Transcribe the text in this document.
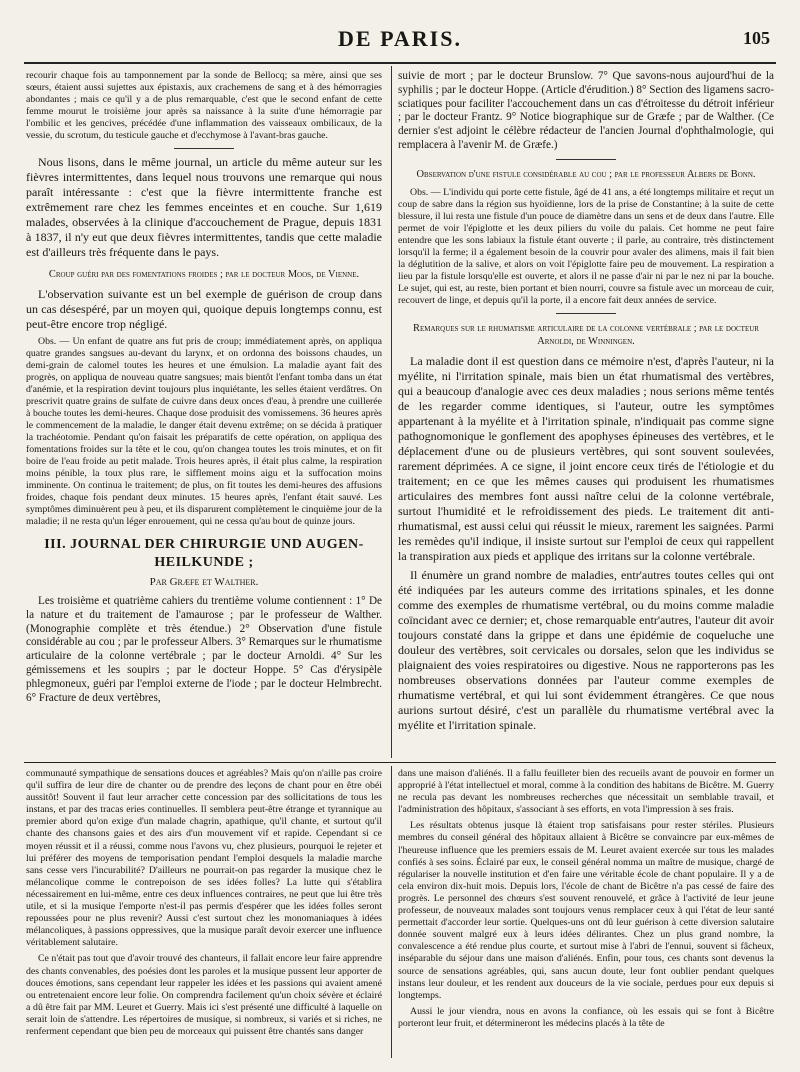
DE PARIS.	105

recourir chaque fois au tamponnement par la sonde de Bellocq; sa mère, ainsi que ses sœurs, étaient aussi sujettes aux épistaxis, aux crachemens de sang et à des hémorragies abondantes ; mais ce qu'il y a de plus remarquable, c'est que le second enfant de cette femme mourut le troisième jour après sa naissance à la suite d'une hémorragie par l'ombilic et les gencives, précédée d'une inflammation des vaisseaux ombilicaux, de la vessie, du scrotum, du testicule gauche et d'ecchymose à l'avant-bras gauche.

Nous lisons, dans le même journal, un article du même auteur sur les fièvres intermittentes, dans lequel nous trouvons une remarque qui nous paraît intéressante : c'est que la fièvre intermittente franche est extrêmement rare chez les femmes enceintes et en couche. Sur 1,619 malades, observées à la clinique d'accouchement de Prague, depuis 1831 à 1837, il n'y eut que deux fièvres intermittentes, tandis que cette maladie est d'ailleurs très fréquente dans le pays.

Croup guéri par des fomentations froides ; par le docteur Moos, de Vienne.

L'observation suivante est un bel exemple de guérison de croup dans un cas désespéré, par un moyen qui, quoique depuis longtemps connu, est peut-être encore trop négligé.

Obs. — Un enfant de quatre ans fut pris de croup; immédiatement après, on appliqua quatre grandes sangsues au-devant du larynx, et on ordonna des boissons chaudes, un demi-grain de calomel toutes les heures et une émulsion. La maladie ayant fait des progrès, on appliqua de nouveau quatre sangsues; mais bientôt l'enfant tomba dans un état d'anémie, et la respiration devint toujours plus inquiétante, les selles étaient verdâtres. On prescrivit quatre grains de sulfate de cuivre dans deux onces d'eau, à prendre une cuillerée à bouche toutes les demi-heures. Chaque dose produisit des vomissemens. 36 heures après le commencement de la maladie, le danger était devenu extrême; on se décida à pratiquer la trachéotomie. Pendant qu'on faisait les préparatifs de cette opération, on appliqua des fomentations froides sur la tête et le cou, qu'on changea toutes les trois minutes, et on fit boire de l'eau froide au petit malade. Trois heures après, il était plus calme, la respiration moins pénible, la toux plus rare, le sifflement moins aigu et la suffocation moins imminente. On continua le traitement; de plus, on fit toutes les demi-heures des affusions froides, chaque fois pendant deux minutes. 15 heures après, l'enfant était sauvé. Les symptômes diminuèrent peu à peu, et ils disparurent complètement le cinquième jour de la maladie; il ne resta qu'un léger enrouement, qui ne cessa qu'au bout de quinze jours.

III. JOURNAL DER CHIRURGIE UND AUGEN-HEILKUNDE ;
Par Græfe et Walther.

Les troisième et quatrième cahiers du trentième volume contiennent : 1° De la nature et du traitement de l'amaurose ; par le professeur de Walther. (Monographie complète et très étendue.) 2° Observation d'une fistule considérable au cou ; par le professeur Albers. 3° Remarques sur le rhumatisme articulaire de la colonne vertébrale ; par le docteur Arnoldi. 4° Sur les gémissemens et les soupirs ; par le docteur Hoppe. 5° Cas d'érysipèle phlegmoneux, guéri par l'emploi externe de l'iode ; par le docteur Helmbrecht. 6° Fracture de deux vertèbres,

suivie de mort ; par le docteur Brunslow. 7° Que savons-nous aujourd'hui de la syphilis ; par le docteur Hoppe. (Article d'érudition.) 8° Section des ligamens sacro-sciatiques pour faciliter l'accouchement dans un cas d'étroitesse du détroit inférieur ; par le docteur Frantz. 9° Notice biographique sur de Græfe ; par de Walther. (Ce dernier s'est adjoint le célèbre rédacteur de l'ancien Journal d'ophthalmologie, qui remplacera à l'avenir M. de Græfe.)

Observation d'une fistule considérable au cou ; par le professeur Albers de Bonn.

Obs. — L'individu qui porte cette fistule, âgé de 41 ans, a été longtemps militaire et reçut un coup de sabre dans la région sus hyoïdienne, lors de la prise de Constantine; à la suite de cette blessure, il lui resta une fistule d'un pouce de diamètre dans un sens et de deux dans l'autre. Elle permet de voir l'épiglotte et les deux piliers du voile du palais. Cet homme ne peut faire entendre que les sons labiaux la fistule étant ouverte ; il parle, au contraire, très distinctement lorsqu'il la ferme; il a également besoin de la couvrir pour avaler des alimens, mais il fait bien la déglutition de la salive, et alors on voit l'épiglotte faire peu de mouvement. La respiration a lieu par la fistule lorsqu'elle est ouverte, et alors il ne passe d'air ni par le nez ni par la bouche. Le sujet, qui est, au reste, bien portant et bien nourri, couvre sa fistule avec un morceau de cuir, recouvert de linge, et depuis qu'il la porte, il a encore fait deux années de service.

Remarques sur le rhumatisme articulaire de la colonne vertébrale ; par le docteur Arnoldi, de Winningen.

La maladie dont il est question dans ce mémoire n'est, d'après l'auteur, ni la myélite, ni l'irritation spinale, mais bien un état rhumatismal des vertèbres, qui a beaucoup d'analogie avec ces deux maladies ; nous serions même tentés de les regarder comme identiques, si l'auteur, outre les symptômes appartenant à la myélite et à l'irritation spinale, n'indiquait pas comme signe pathognomonique le gonflement des apophyses épineuses des vertèbres, et le déplacement d'une ou de plusieurs vertèbres, qui sont souvent soulevées, rarement déprimées. A ce signe, il joint encore ceux tirés de l'étiologie et du traitement; en ce que les mêmes causes qui produisent les rhumatismes articulaires des membres font aussi naître celui de la colonne vertébrale, surtout l'humidité et le refroidissement des pieds. Le traitement dit anti-rhumatismal, est aussi celui qui réussit le mieux, rarement les saignées. Parmi les remèdes qu'il indique, il insiste surtout sur l'emploi de ceux qui rappellent la transpiration aux pieds et applique des irritans sur la colonne vertébrale.

Il énumère un grand nombre de maladies, entr'autres toutes celles qui ont été indiquées par les auteurs comme des irritations spinales, et les donne comme des exemples de rhumatisme vertébral, ou du moins comme maladie coïncidant avec ce dernier; et, chose remarquable entr'autres, l'auteur dit avoir toujours constaté dans la grippe et dans une épidémie de coqueluche une douleur des vertèbres, soit cervicales ou dorsales, selon que les individus se plaignaient des voies respiratoires ou digestive. Nous ne rapporterons pas les nombreuses observations données par l'auteur comme exemples de rhumatisme vertébral, et qui lui sont évidemment étrangères. Ce que nous aurions surtout désiré, c'est un parallèle du rhumatisme vertébral avec la myélite et l'irritation spinale.

communauté sympathique de sensations douces et agréables? Mais qu'on n'aille pas croire qu'il suffira de leur dire de chanter ou de prendre des leçons de chant pour en être obéi aussitôt! Souvent il faut leur arracher cette concession par des sollicitations de tous les instans, et par des tracas eries continuelles. Il semblera peut-être étrange et tyrannique au premier abord qu'on exige d'un malade chagrin, apathique, qu'il chante, et surtout qu'il chante des chansons gaies et des airs d'un mouvement vif et rapide. Cependant si ce moyen réussit et il a réussi, comme nous l'avons vu, chez plusieurs, pourquoi le rejeter et lui préférer des moyens de temporisation pendant l'emploi desquels la maladie marche sans cesse vers l'incurabilité? D'ailleurs ne pourrait-on pas regarder la musique chez le mélancolique comme le contrepoison de ses idées folles? La lutte qui s'établira nécessairement en lui-même, entre ces deux influences contraires, ne peut que lui être très utile, et si la musique l'emporte n'est-il pas permis d'espérer que les idées folles seront repoussées pour ne plus revenir? Aussi c'est surtout chez les monomaniaques à idées mélancoliques, à passions oppressives, que la musique paraît devoir exercer une influence véritablement salutaire.

Ce n'était pas tout que d'avoir trouvé des chanteurs, il fallait encore leur faire apprendre des chants convenables, des poésies dont les paroles et la musique pussent leur apporter de douces émotions, sans cependant leur rappeler les idées et les passions qui avaient amené ou entretenaient encore leur folie. On comprendra facilement qu'un choix sévère et éclairé a dû être fait par MM. Leuret et Guerry. Mais ici s'est présenté une difficulté à laquelle on serait loin de s'attendre. Les répertoires de musique, si nombreux, si variés et si riches, ne renferment cependant que bien peu de morceaux qui puissent être chantés sans danger

dans une maison d'aliénés. Il a fallu feuilleter bien des recueils avant de pouvoir en former un approprié à l'état intellectuel et moral, comme à la condition des habitans de Bicêtre. M. Guerry ne recula pas devant les nombreuses recherches que nécessitait un semblable travail, et l'administration des hôpitaux, s'associant à ses efforts, en vota l'impression à ses frais.

Les résultats obtenus jusque là étaient trop satisfaisans pour rester stériles. Plusieurs membres du conseil général des hôpitaux allaient à Bicêtre se convaincre par eux-mêmes de l'heureuse influence que les premiers essais de M. Leuret avaient exercée sur tous les malades confiés à ses soins. Éclairé par eux, le conseil général nomma un maître de musique, chargé de régulariser la nouvelle institution et d'en faire une véritable école de chant populaire. Il y a de cela environ dix-huit mois. Depuis lors, l'école de chant de Bicêtre n'a pas cessé de faire des progrès. Le personnel des chœurs s'est souvent renouvelé, et grâce à l'activité de leur jeune professeur, de nouveaux malades sont toujours venus remplacer ceux à qui l'état de leur santé permettait d'accorder leur sortie. Quelques-uns ont dû leur guérison à cette diversion salutaire donnée souvent malgré eux à leurs idées délirantes. Chez un plus grand nombre, la convalescence a été rendue plus courte, et surtout mise à l'abri de l'ennui, souvent si fâcheux, inséparable du séjour dans une maison d'aliénés. Enfin, pour tous, ces chants sont devenus la source de sensations agréables, qui, sans aucun doute, leur font oublier pendant quelques instans leur douleur, et les rendent aux douceurs de la vie sociale, perdues pour eux depuis si longtemps.

Aussi le jour viendra, nous en avons la confiance, où les essais qui se font à Bicêtre porteront leur fruit, et détermineront les médecins placés à la tête de
